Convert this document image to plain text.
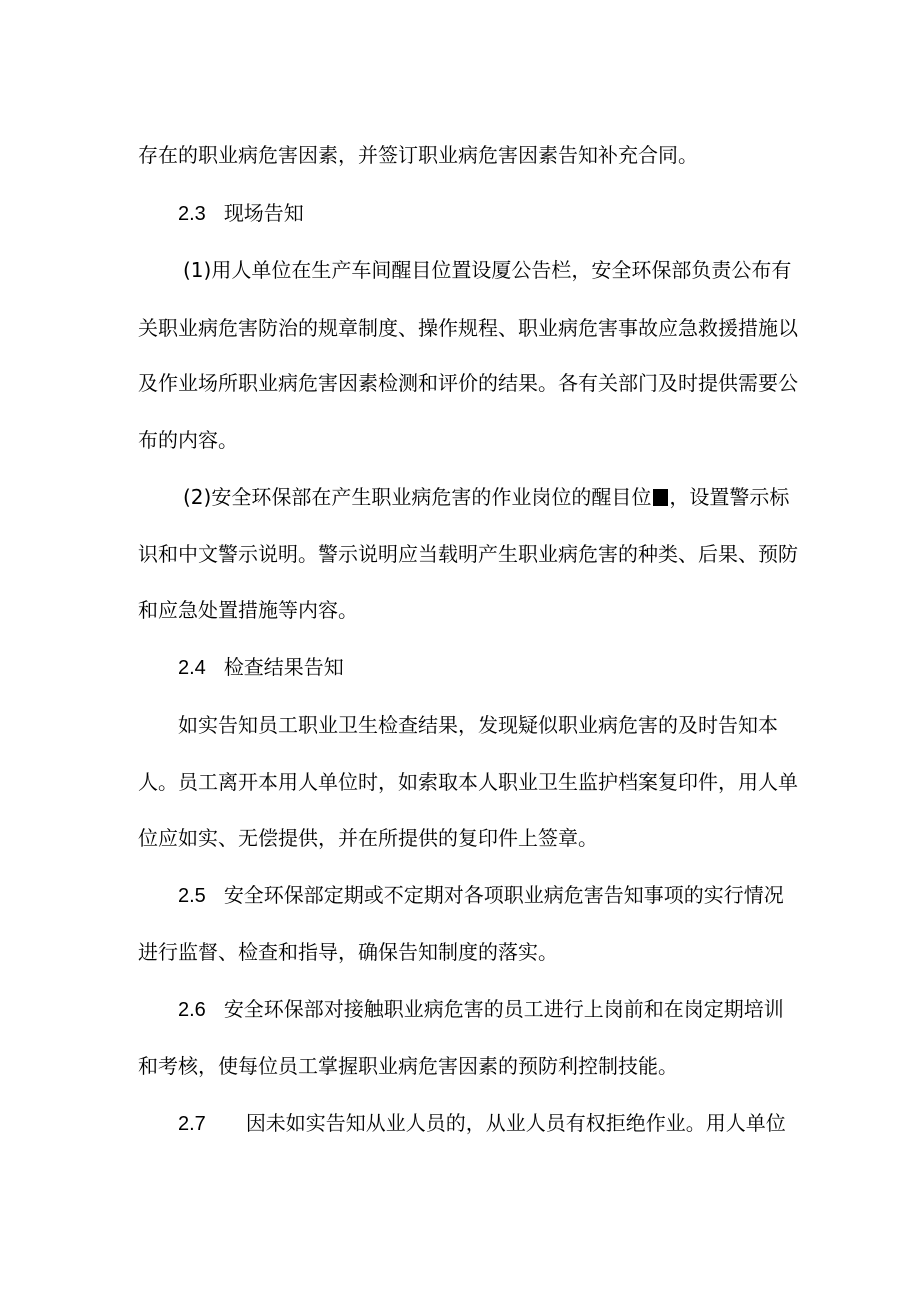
存在的职业病危害因素，并签订职业病危害因素告知补充合同。
2.3 现场告知
(1)用人单位在生产车间醒目位置设厦公告栏，安全环保部负责公布有
关职业病危害防治的规章制度、操作规程、职业病危害事故应急救援措施以
及作业场所职业病危害因素检测和评价的结果。各有关部门及时提供需要公
布的内容。
(2)安全环保部在产生职业病危害的作业岗位的醒目位 ，设置警示标
识和中文警示说明。警示说明应当载明产生职业病危害的种类、后果、预防
和应急处置措施等内容。
2.4 检查结果告知
如实告知员工职业卫生检查结果，发现疑似职业病危害的及时告知本
人。员工离开本用人单位时，如索取本人职业卫生监护档案复印件，用人单
位应如实、无偿提供，并在所提供的复印件上签章。
2.5 安全环保部定期或不定期对各项职业病危害告知事项的实行情况
进行监督、检查和指导，确保告知制度的落实。
2.6 安全环保部对接触职业病危害的员工进行上岗前和在岗定期培训
和考核，使每位员工掌握职业病危害因素的预防利控制技能。
2.7 因未如实告知从业人员的，从业人员有权拒绝作业。用人单位
